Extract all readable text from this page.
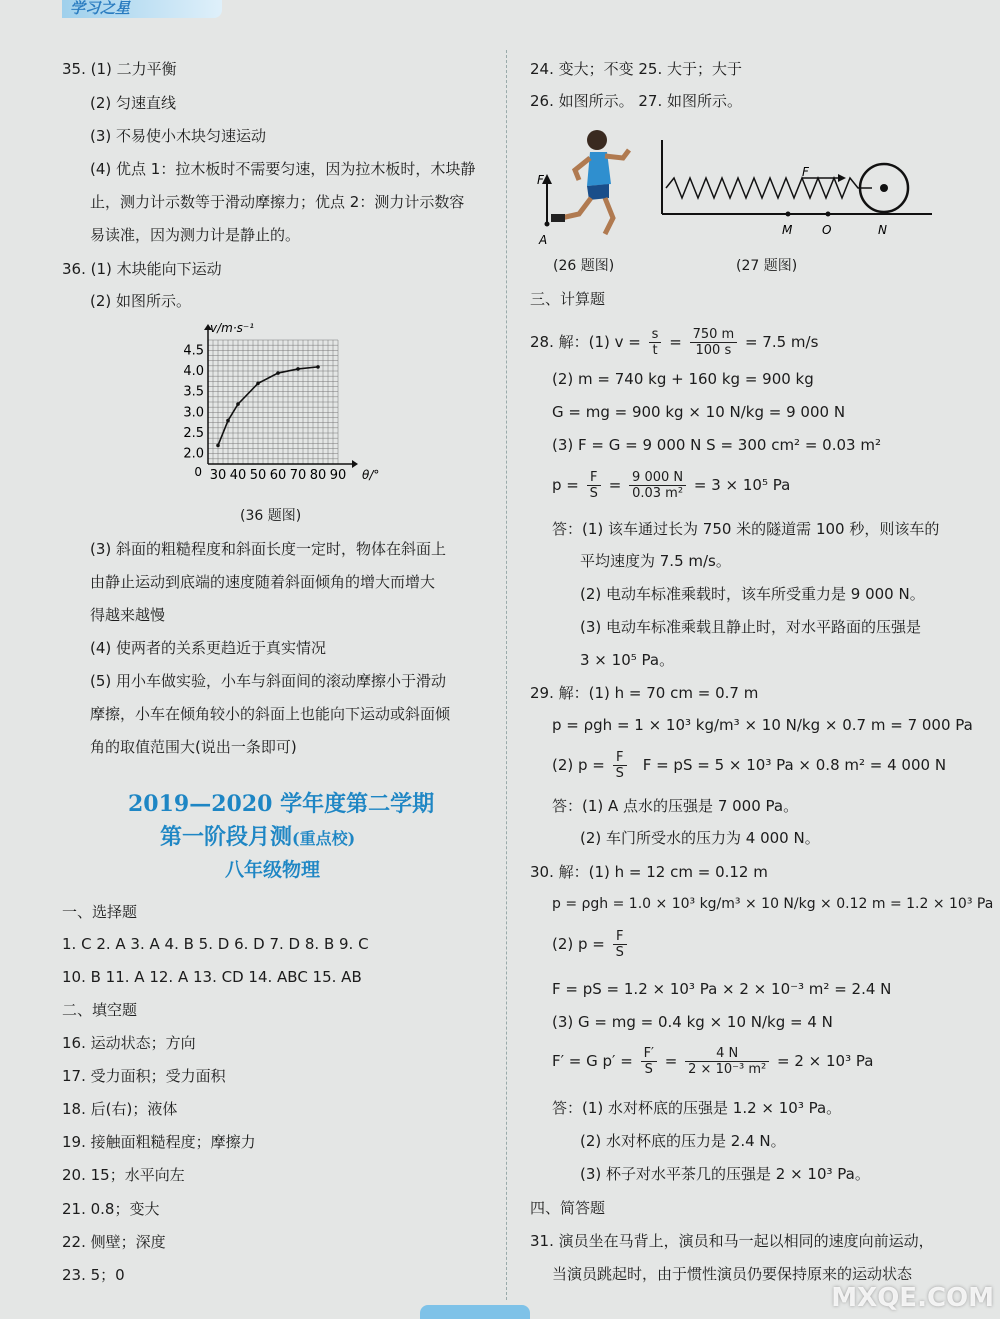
学习之星
35. (1) 二力平衡
(2) 匀速直线
(3) 不易使小木块匀速运动
(4) 优点 1：拉木板时不需要匀速，因为拉木板时，木块静
止，测力计示数等于滑动摩擦力；优点 2：测力计示数容
易读准，因为测力计是静止的。
36. (1) 木块能向下运动
(2) 如图所示。
30 40 50 60 70 80 90
2.0
2.5
3.0
3.5
4.0
4.5
0	θ/°
v/m·s⁻¹
(36 题图)
(3) 斜面的粗糙程度和斜面长度一定时，物体在斜面上
由静止运动到底端的速度随着斜面倾角的增大而增大
得越来越慢
(4) 使两者的关系更趋近于真实情况
(5) 用小车做实验，小车与斜面间的滚动摩擦小于滑动
摩擦，小车在倾角较小的斜面上也能向下运动或斜面倾
角的取值范围大(说出一条即可)
2019—2020 学年度第二学期
第一阶段月测(重点校)
八年级物理
一、选择题
1. C 2. A 3. A 4. B 5. D 6. D 7. D 8. B 9. C
10. B 11. A 12. A 13. CD 14. ABC 15. AB
二、填空题
16. 运动状态；方向
17. 受力面积；受力面积
18. 后(右)；液体
19. 接触面粗糙程度；摩擦力
20. 15；水平向左
21. 0.8；变大
22. 侧壁；深度
23. 5；0
24. 变大；不变 25. 大于；大于
26. 如图所示。 27. 如图所示。
F
A
(26 题图)
F
M O	N
(27 题图)
三、计算题
28. 解：(1) $v = \frac{s}{t} = \frac{750 m}{100 s} = 7.5$ m/s
(2) m = 740 kg + 160 kg = 900 kg
G = mg = 900 kg × 10 N/kg = 9 000 N
(3) F = G = 9 000 N S = 300 cm² = 0.03 m²
$p = \frac{F}{S} = \frac{9 000 N}{\text{0.03 m²}} = 3 \times 10^5$ Pa
答：(1) 该车通过长为 750 米的隧道需 100 秒，则该车的
平均速度为 7.5 m/s。
(2) 电动车标准乘载时，该车所受重力是 9 000 N。
(3) 电动车标准乘载且静止时，对水平路面的压强是
3 × 10⁵ Pa。
29. 解：(1) h = 70 cm = 0.7 m
p = ρgh = 1 × 10³ kg/m³ × 10 N/kg × 0.7 m = 7 000 Pa
(2) $p = \frac{F}{S}$ F = pS = 5 × 10³ Pa × 0.8 m² = 4 000 N
答：(1) A 点水的压强是 7 000 Pa。
(2) 车门所受水的压力为 4 000 N。
30. 解：(1) h = 12 cm = 0.12 m
p = ρgh = 1.0 × 10³ kg/m³ × 10 N/kg × 0.12 m = 1.2 × 10³ Pa
(2) $p = \frac{F}{S}$
F = pS = 1.2 × 10³ Pa × 2 × 10⁻³ m² = 2.4 N
(3) G = mg = 0.4 kg × 10 N/kg = 4 N
F′ = G $p' = \frac{F'}{S} = \frac{4 N}{\text{2 × 10⁻³ m²}} = 2 \times 10^3$ Pa
答：(1) 水对杯底的压强是 1.2 × 10³ Pa。
(2) 水对杯底的压力是 2.4 N。
(3) 杯子对水平茶几的压强是 2 × 10³ Pa。
四、简答题
31. 演员坐在马背上，演员和马一起以相同的速度向前运动，
当演员跳起时，由于惯性演员仍要保持原来的运动状态
MXQE.COM
